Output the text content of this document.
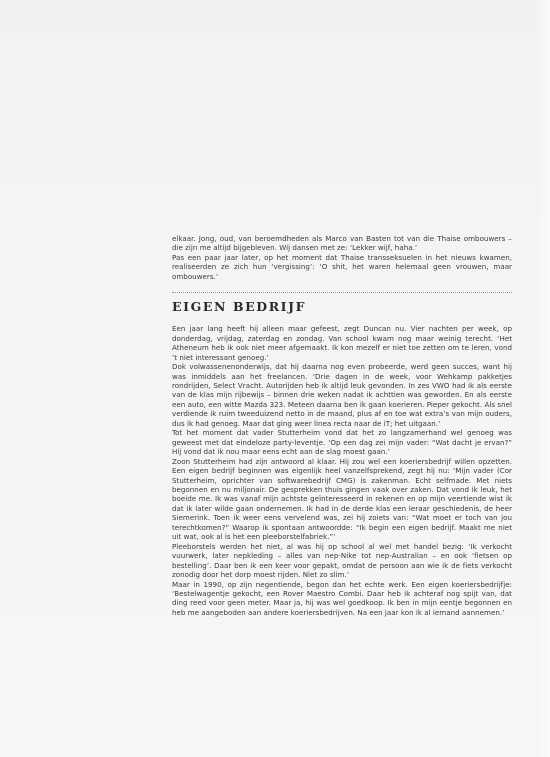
elkaar. Jong, oud, van beroemdheden als Marco van Basten tot van die Thaise ombouwers – die zijn me altijd bijgebleven. Wij dansen met ze: ‘Lekker wijf, haha.’

Pas een paar jaar later, op het moment dat Thaise transseksuelen in het nieuws kwamen, realiseerden ze zich hun ‘vergissing’: ‘O shit, het waren helemaal geen vrouwen, maar ombouwers.’

EIGEN BEDRIJF

Een jaar lang heeft hij alleen maar gefeest, zegt Duncan nu. Vier nachten per week, op donderdag, vrijdag, zaterdag en zondag. Van school kwam nog maar weinig terecht. ‘Het Atheneum heb ik ook niet meer afgemaakt. Ik kon mezelf er niet toe zetten om te leren, vond ’t niet interessant genoeg.’

Dok volwassenenonderwijs, dat hij daarna nog even probeerde, werd geen succes, want hij was inmiddels aan het freelancen. ‘Drie dagen in de week, voor Wehkamp pakketjes rondrijden, Select Vracht. Autorijden heb ik altijd leuk gevonden. In zes VWO had ik als eerste van de klas mijn rijbewijs – binnen drie weken nadat ik achttien was geworden. En als eerste een auto, een witte Mazda 323. Meteen daarna ben ik gaan koerieren. Pieper gekocht. Als snel verdiende ik ruim tweeduizend netto in de maand, plus af en toe wat extra’s van mijn ouders, dus ik had genoeg. Maar dat ging weer linea recta naar de iT; het uitgaan.’

Tot het moment dat vader Stutterheim vond dat het zo langzamerhand wel genoeg was geweest met dat eindeloze party-leventje. ‘Op een dag zei mijn vader: “Wat dacht je ervan?” Hij vond dat ik nou maar eens echt aan de slag moest gaan.’

Zoon Stutterheim had zijn antwoord al klaar. Hij zou wel een koeriersbedrijf willen opzetten. Een eigen bedrijf beginnen was eigenlijk heel vanzelfsprekend, zegt hij nu: ‘Mijn vader (Cor Stutterheim, oprichter van softwarebedrijf CMG) is zakenman. Echt selfmade. Met niets begonnen en nu miljonair. De gesprekken thuis gingen vaak over zaken. Dat vond ik leuk, het boeide me. Ik was vanaf mijn achtste geïnteresseerd in rekenen en op mijn veertiende wist ik dat ik later wilde gaan ondernemen. Ik had in de derde klas een leraar geschiedenis, de heer Siemerink. Toen ik weer eens vervelend was, zei hij zoiets van: “Wat moet er toch van jou terechtkomen?” Waarop ik spontaan antwoordde: “Ik begin een eigen bedrijf. Maakt me niet uit wat, ook al is het een pleeborstelfabriek.”’

Pleeborstels werden het niet, al was hij op school al wel met handel bezig: ‘Ik verkocht vuurwerk, later nepkleding – alles van nep-Nike tot nep-Australian – en ook ‘fietsen op bestelling’. Daar ben ik een keer voor gepakt, omdat de persoon aan wie ik de fiets verkocht zonodig door het dorp moest rijden. Niet zo slim.’

Maar in 1990, op zijn negentiende, begon dan het echte werk. Een eigen koeriersbedrijfje: ‘Bestelwagentje gekocht, een Rover Maestro Combi. Daar heb ik achteraf nog spijt van, dat ding reed voor geen meter. Maar ja, hij was wel goedkoop. Ik ben in mijn eentje begonnen en heb me aangeboden aan andere koeriersbedrijven. Na een jaar kon ik al iemand aannemen.’
